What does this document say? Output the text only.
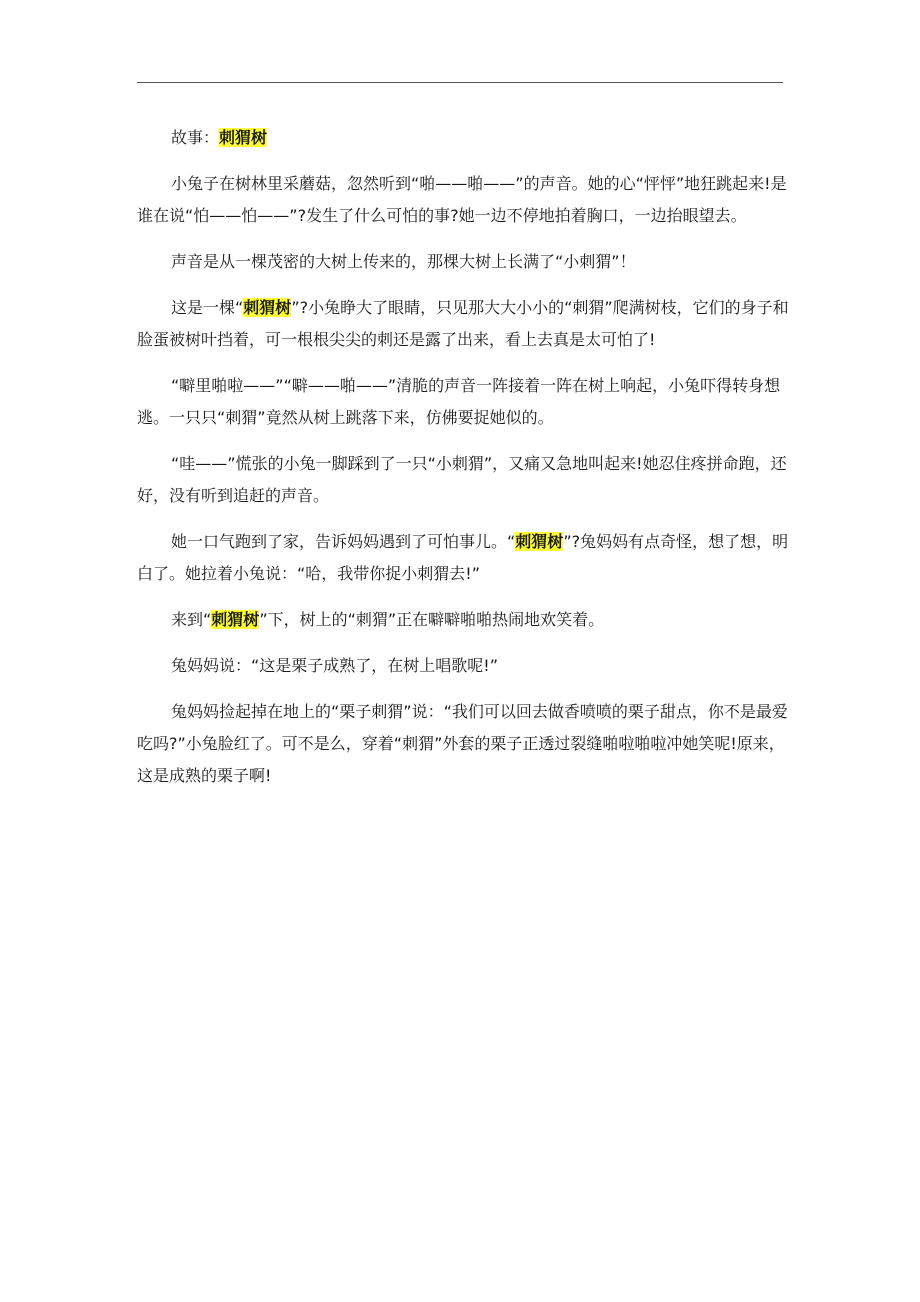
故事：刺猬树

小兔子在树林里采蘑菇，忽然听到“啪——啪——”的声音。她的心“怦怦”地狂跳起来!是谁在说“怕——怕——”?发生了什么可怕的事?她一边不停地拍着胸口，一边抬眼望去。

声音是从一棵茂密的大树上传来的，那棵大树上长满了“小刺猬”！

这是一棵“刺猬树”?小兔睁大了眼睛，只见那大大小小的“刺猬”爬满树枝，它们的身子和脸蛋被树叶挡着，可一根根尖尖的刺还是露了出来，看上去真是太可怕了!

“噼里啪啦——”“噼——啪——”清脆的声音一阵接着一阵在树上响起，小兔吓得转身想逃。一只只“刺猬”竟然从树上跳落下来，仿佛要捉她似的。

“哇——”慌张的小兔一脚踩到了一只“小刺猬”，又痛又急地叫起来!她忍住疼拼命跑，还好，没有听到追赶的声音。

她一口气跑到了家，告诉妈妈遇到了可怕事儿。“刺猬树”?兔妈妈有点奇怪，想了想，明白了。她拉着小兔说：“哈，我带你捉小刺猬去!”

来到“刺猬树”下，树上的“刺猬”正在噼噼啪啪热闹地欢笑着。

兔妈妈说：“这是栗子成熟了，在树上唱歌呢!”

兔妈妈捡起掉在地上的“栗子刺猬”说：“我们可以回去做香喷喷的栗子甜点，你不是最爱吃吗?”小兔脸红了。可不是么，穿着“刺猬”外套的栗子正透过裂缝啪啦啪啦冲她笑呢!原来，这是成熟的栗子啊!
